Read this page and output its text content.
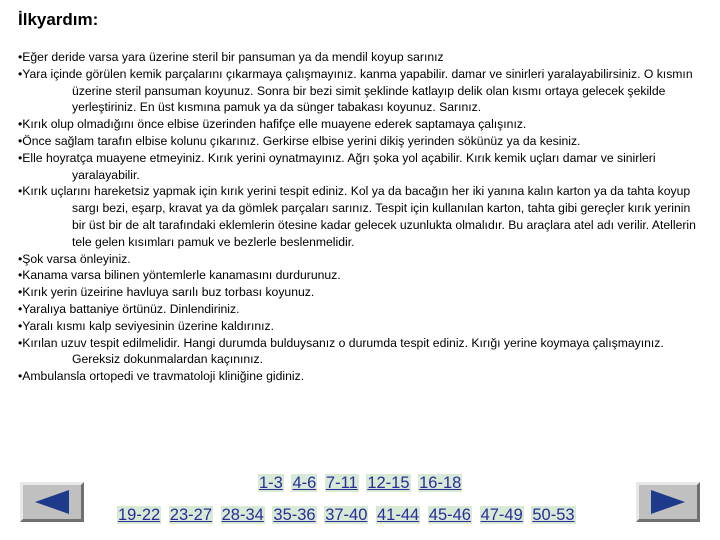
İlkyardım:
•Eğer deride varsa yara üzerine steril bir pansuman ya da mendil koyup sarınız
•Yara içinde görülen kemik parçalarını çıkarmaya çalışmayınız. kanma yapabilir. damar ve sinirleri yaralayabilirsiniz. O kısmın üzerine steril pansuman koyunuz. Sonra bir bezi simit şeklinde katlayıp delik olan kısmı ortaya gelecek şekilde yerleştiriniz. En üst kısmına pamuk ya da sünger tabakası koyunuz. Sarınız.
•Kırık olup olmadığını önce elbise üzerinden hafifçe elle muayene ederek saptamaya çalışınız.
•Önce sağlam tarafın elbise kolunu çıkarınız. Gerkirse elbise yerini dikiş yerinden sökünüz ya da kesiniz.
•Elle hoyratça muayene etmeyiniz. Kırık yerini oynatmayınız. Ağrı şoka yol açabilir. Kırık kemik uçları damar ve sinirleri yaralayabilir.
•Kırık uçlarını hareketsiz yapmak için kırık yerini tespit ediniz. Kol ya da bacağın her iki yanına kalın karton ya da tahta koyup sargı bezi, eşarp, kravat ya da gömlek parçaları sarınız. Tespit için kullanılan karton, tahta gibi gereçler kırık yerinin bir üst bir de alt tarafındaki eklemlerin ötesine kadar gelecek uzunlukta olmalıdır. Bu araçlara atel adı verilir. Atellerin tele gelen kısımları pamuk ve bezlerle beslenmelidir.
•Şok varsa önleyiniz.
•Kanama varsa bilinen yöntemlerle kanamasını durdurunuz.
•Kırık yerin üzeirine havluya sarılı buz torbası koyunuz.
•Yaralıya battaniye örtünüz. Dinlendiriniz.
•Yaralı kısmı kalp seviyesinin üzerine kaldırınız.
•Kırılan uzuv tespit edilmelidir. Hangi durumda bulduysanız o durumda tespit ediniz. Kırığı yerine koymaya çalışmayınız. Gereksiz dokunmalardan kaçınınız.
•Ambulansla ortopedi ve travmatoloji kliniğine gidiniz.
1-3 4-6 7-11 12-15 16-18
19-22 23-27 28-34 35-36 37-40 41-44 45-46 47-49 50-53
